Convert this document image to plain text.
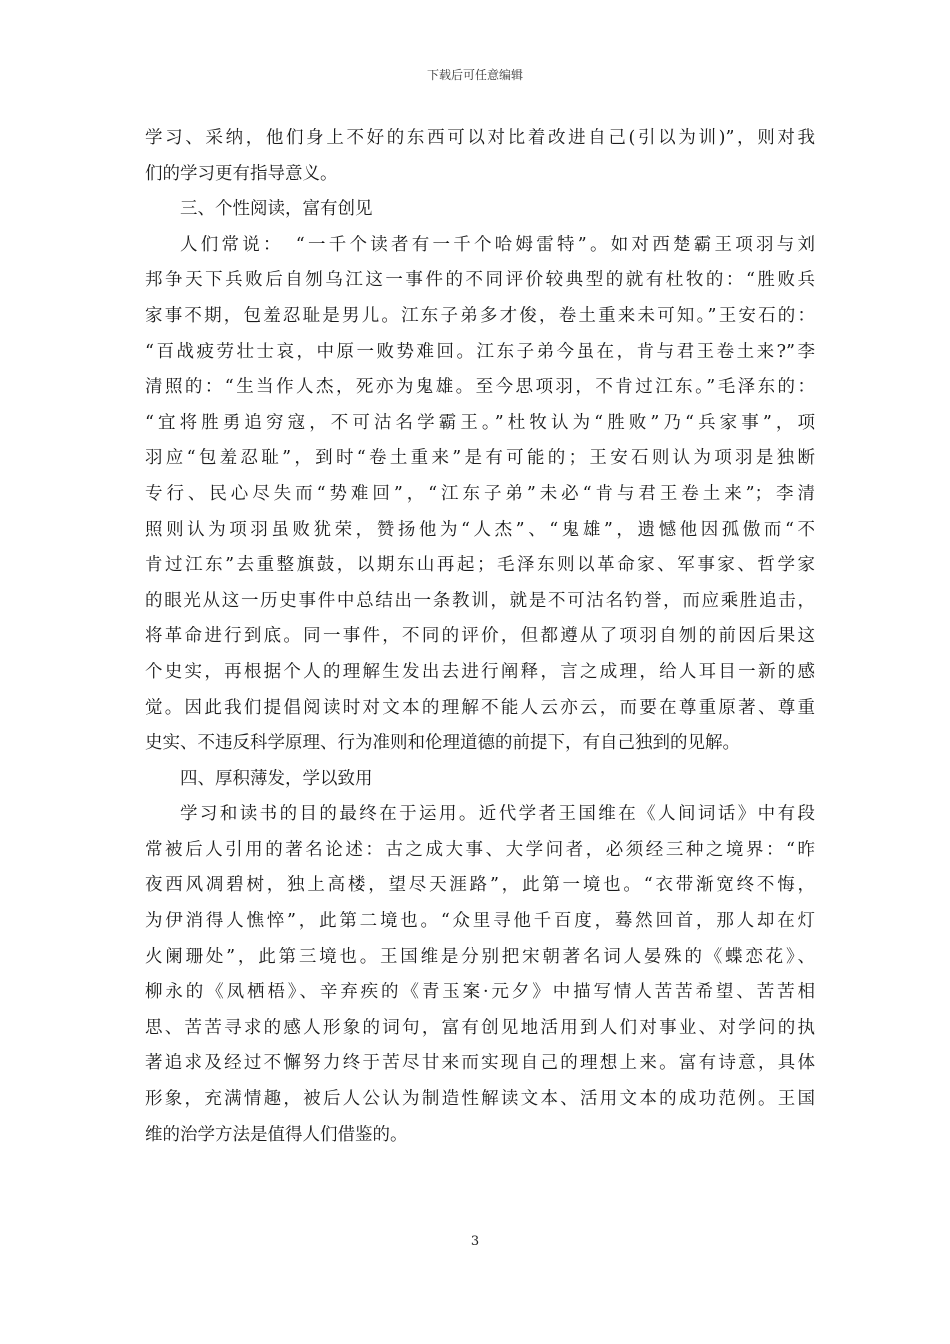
下载后可任意编辑
学习、采纳，他们身上不好的东西可以对比着改进自己(引以为训)”，则对我
们的学习更有指导意义。
三、个性阅读，富有创见
人们常说：　“一千个读者有一千个哈姆雷特”。如对西楚霸王项羽与刘
邦争天下兵败后自刎乌江这一事件的不同评价较典型的就有杜牧的：“胜败兵
家事不期，包羞忍耻是男儿。江东子弟多才俊，卷土重来未可知。”王安石的：
“百战疲劳壮士哀，中原一败势难回。江东子弟今虽在，肯与君王卷土来?”李
清照的：“生当作人杰，死亦为鬼雄。至今思项羽，不肯过江东。”毛泽东的：
“宜将胜勇追穷寇，不可沽名学霸王。”杜牧认为“胜败”乃“兵家事”，项
羽应“包羞忍耻”，到时“卷土重来”是有可能的；王安石则认为项羽是独断
专行、民心尽失而“势难回”，“江东子弟”未必“肯与君王卷土来”；李清
照则认为项羽虽败犹荣，赞扬他为“人杰”、“鬼雄”，遗憾他因孤傲而“不
肯过江东”去重整旗鼓，以期东山再起；毛泽东则以革命家、军事家、哲学家
的眼光从这一历史事件中总结出一条教训，就是不可沽名钓誉，而应乘胜追击，
将革命进行到底。同一事件，不同的评价，但都遵从了项羽自刎的前因后果这
个史实，再根据个人的理解生发出去进行阐释，言之成理，给人耳目一新的感
觉。因此我们提倡阅读时对文本的理解不能人云亦云，而要在尊重原著、尊重
史实、不违反科学原理、行为准则和伦理道德的前提下，有自己独到的见解。
四、厚积薄发，学以致用
学习和读书的目的最终在于运用。近代学者王国维在《人间词话》中有段
常被后人引用的著名论述：古之成大事、大学问者，必须经三种之境界：“昨
夜西风凋碧树，独上高楼，望尽天涯路”，此第一境也。“衣带渐宽终不悔，
为伊消得人憔悴”，此第二境也。“众里寻他千百度，蓦然回首，那人却在灯
火阑珊处”，此第三境也。王国维是分别把宋朝著名词人晏殊的《蝶恋花》、
柳永的《凤栖梧》、辛弃疾的《青玉案·元夕》中描写情人苦苦希望、苦苦相
思、苦苦寻求的感人形象的词句，富有创见地活用到人们对事业、对学问的执
著追求及经过不懈努力终于苦尽甘来而实现自己的理想上来。富有诗意，具体
形象，充满情趣，被后人公认为制造性解读文本、活用文本的成功范例。王国
维的治学方法是值得人们借鉴的。
3
